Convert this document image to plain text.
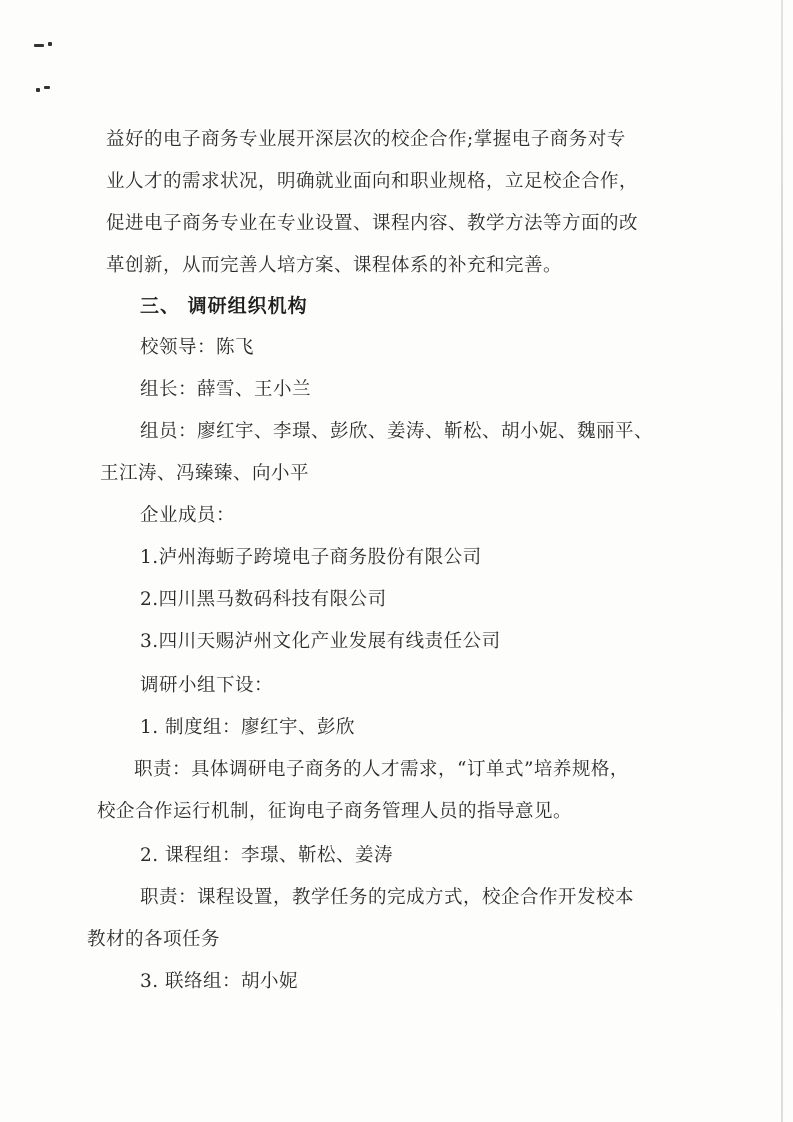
益好的电子商务专业展开深层次的校企合作;掌握电子商务对专
业人才的需求状况，明确就业面向和职业规格，立足校企合作，
促进电子商务专业在专业设置、课程内容、教学方法等方面的改
革创新，从而完善人培方案、课程体系的补充和完善。
三、 调研组织机构
校领导：陈飞
组长：薛雪、王小兰
组员：廖红宇、李璟、彭欣、姜涛、靳松、胡小妮、魏丽平、
王江涛、冯臻臻、向小平
企业成员：
1.泸州海蛎子跨境电子商务股份有限公司
2.四川黑马数码科技有限公司
3.四川天赐泸州文化产业发展有线责任公司
调研小组下设：
1. 制度组：廖红宇、彭欣
职责：具体调研电子商务的人才需求，“订单式”培养规格，
校企合作运行机制，征询电子商务管理人员的指导意见。
2. 课程组：李璟、靳松、姜涛
职责：课程设置，教学任务的完成方式，校企合作开发校本
教材的各项任务
3. 联络组：胡小妮
